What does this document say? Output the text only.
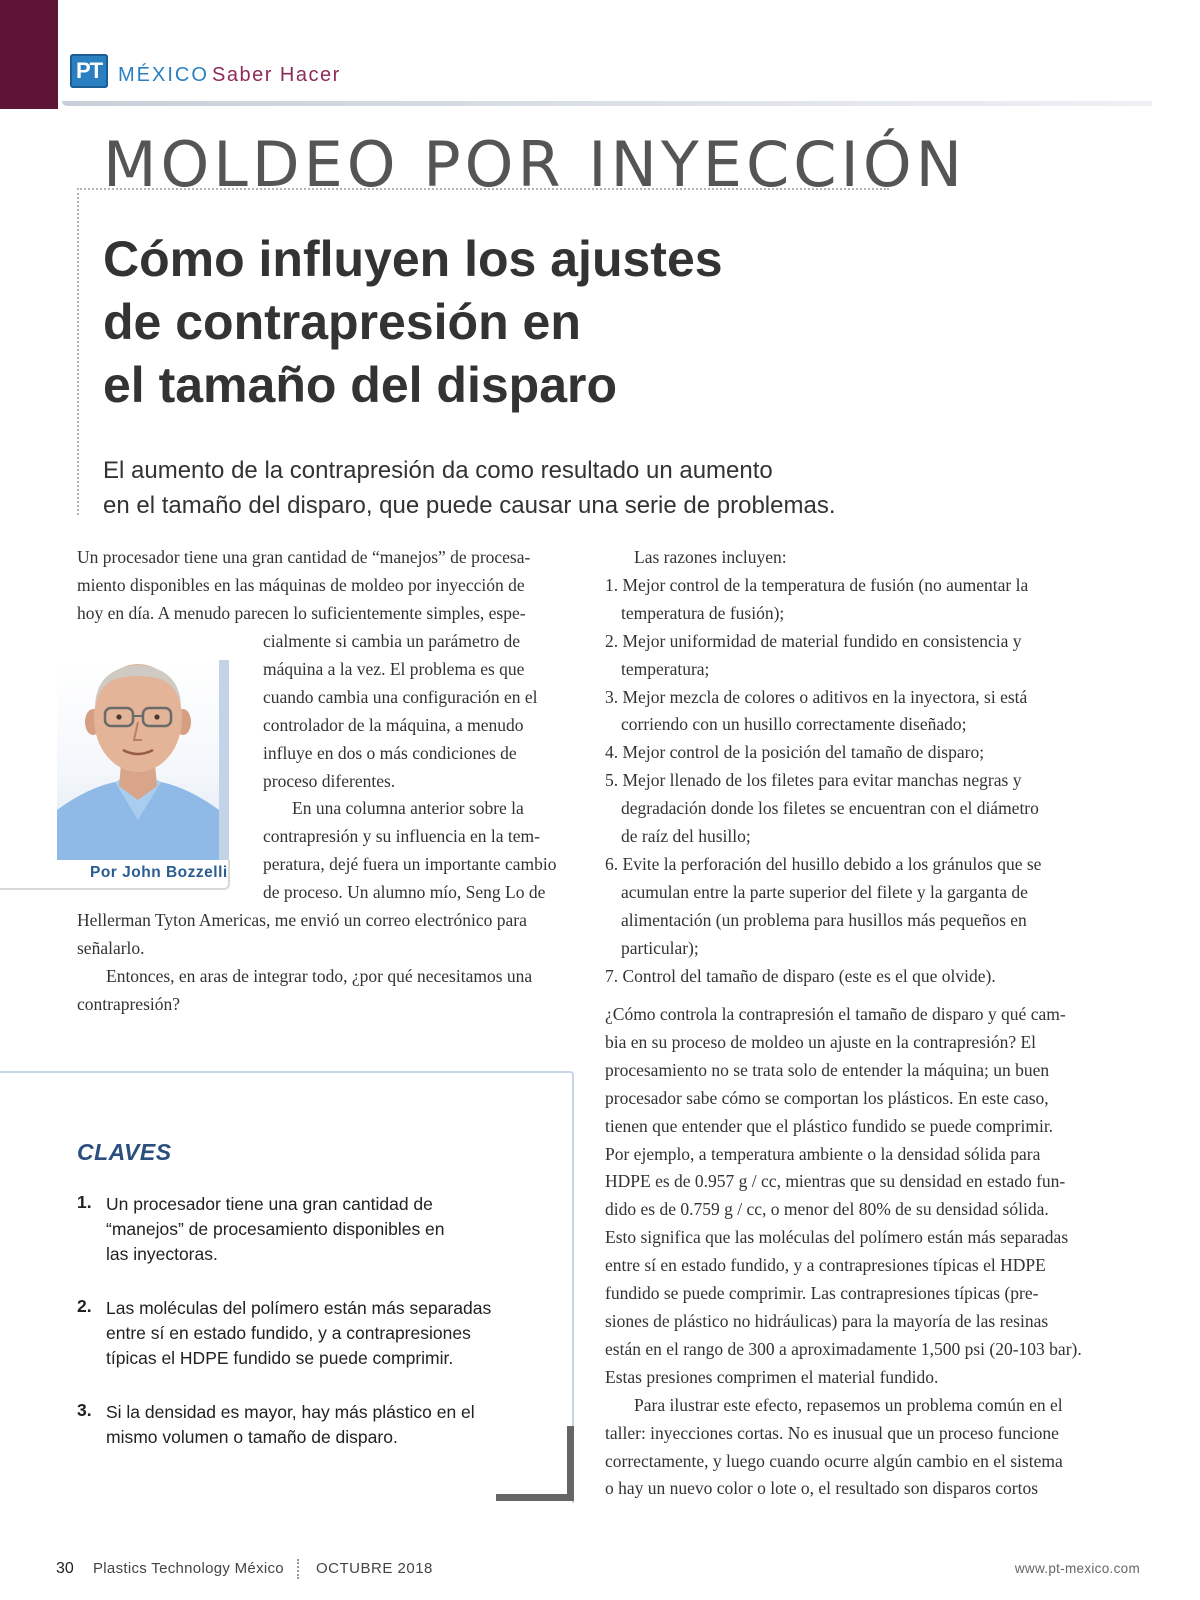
PT MÉXICO Saber Hacer
MOLDEO POR INYECCIÓN
Cómo influyen los ajustes
de contrapresión en
el tamaño del disparo

El aumento de la contrapresión da como resultado un aumento
en el tamaño del disparo, que puede causar una serie de problemas.

Un procesador tiene una gran cantidad de “manejos” de procesa-
miento disponibles en las máquinas de moldeo por inyección de
hoy en día. A menudo parecen lo suficientemente simples, espe-
cialmente si cambia un parámetro de
máquina a la vez. El problema es que
cuando cambia una configuración en el
controlador de la máquina, a menudo
influye en dos o más condiciones de
proceso diferentes.
En una columna anterior sobre la
contrapresión y su influencia en la tem-
peratura, dejé fuera un importante cambio
de proceso. Un alumno mío, Seng Lo de
Hellerman Tyton Americas, me envió un correo electrónico para
señalarlo.
Entonces, en aras de integrar todo, ¿por qué necesitamos una
contrapresión?
Por John Bozzelli
Las razones incluyen:
1. Mejor control de la temperatura de fusión (no aumentar la
temperatura de fusión);
2. Mejor uniformidad de material fundido en consistencia y
temperatura;
3. Mejor mezcla de colores o aditivos en la inyectora, si está
corriendo con un husillo correctamente diseñado;
4. Mejor control de la posición del tamaño de disparo;
5. Mejor llenado de los filetes para evitar manchas negras y
degradación donde los filetes se encuentran con el diámetro
de raíz del husillo;
6. Evite la perforación del husillo debido a los gránulos que se
acumulan entre la parte superior del filete y la garganta de
alimentación (un problema para husillos más pequeños en
particular);
7. Control del tamaño de disparo (este es el que olvide).
¿Cómo controla la contrapresión el tamaño de disparo y qué cam-
bia en su proceso de moldeo un ajuste en la contrapresión? El
procesamiento no se trata solo de entender la máquina; un buen
procesador sabe cómo se comportan los plásticos. En este caso,
tienen que entender que el plástico fundido se puede comprimir.
Por ejemplo, a temperatura ambiente o la densidad sólida para
HDPE es de 0.957 g / cc, mientras que su densidad en estado fun-
dido es de 0.759 g / cc, o menor del 80% de su densidad sólida.
Esto significa que las moléculas del polímero están más separadas
entre sí en estado fundido, y a contrapresiones típicas el HDPE
fundido se puede comprimir. Las contrapresiones típicas (pre-
siones de plástico no hidráulicas) para la mayoría de las resinas
están en el rango de 300 a aproximadamente 1,500 psi (20-103 bar).
Estas presiones comprimen el material fundido.
Para ilustrar este efecto, repasemos un problema común en el
taller: inyecciones cortas. No es inusual que un proceso funcione
correctamente, y luego cuando ocurre algún cambio en el sistema
o hay un nuevo color o lote o, el resultado son disparos cortos
CLAVES
1. Un procesador tiene una gran cantidad de
“manejos” de procesamiento disponibles en
las inyectoras.

2. Las moléculas del polímero están más separadas
entre sí en estado fundido, y a contrapresiones
típicas el HDPE fundido se puede comprimir.

3. Si la densidad es mayor, hay más plástico en el
mismo volumen o tamaño de disparo.

30 Plastics Technology México OCTUBRE 2018	www.pt-mexico.com
